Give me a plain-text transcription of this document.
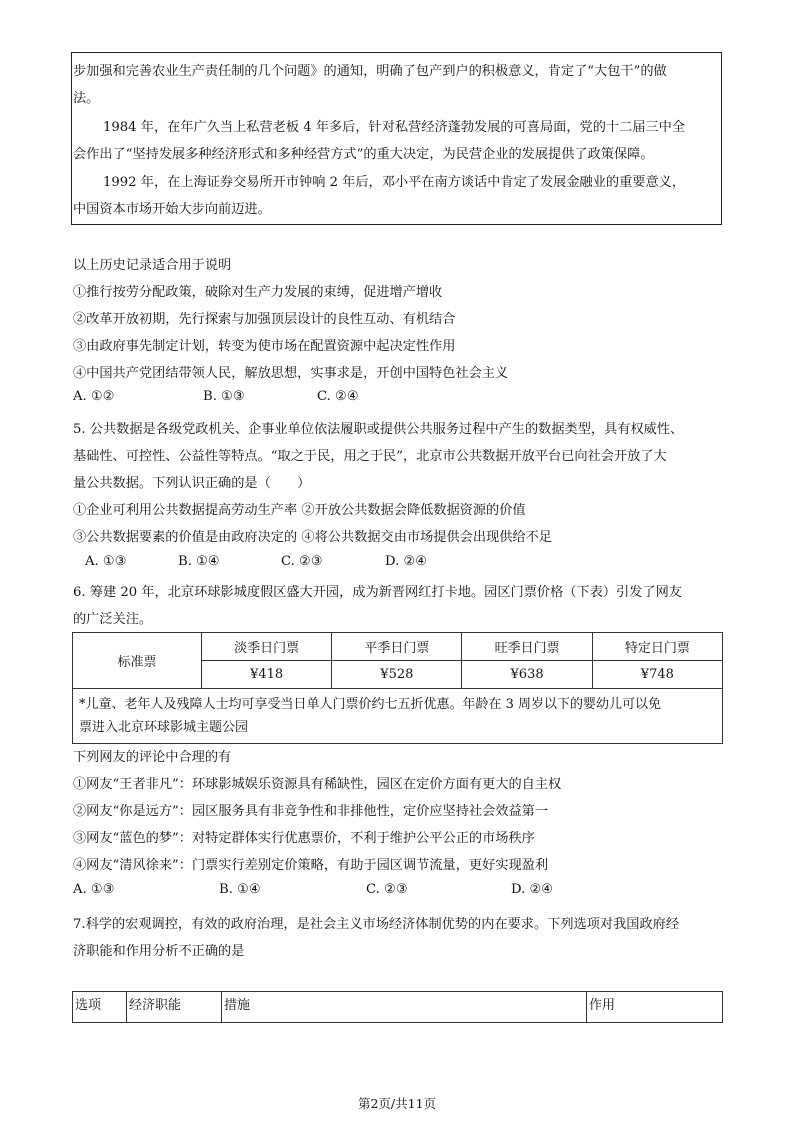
步加强和完善农业生产责任制的几个问题》的通知，明确了包产到户的积极意义，肯定了“大包干”的做
法。
1984 年，在年广久当上私营老板 4 年多后，针对私营经济蓬勃发展的可喜局面，党的十二届三中全
会作出了“坚持发展多种经济形式和多种经营方式”的重大决定，为民营企业的发展提供了政策保障。
1992 年，在上海证券交易所开市钟响 2 年后，邓小平在南方谈话中肯定了发展金融业的重要意义，
中国资本市场开始大步向前迈进。
以上历史记录适合用于说明
①推行按劳分配政策，破除对生产力发展的束缚，促进增产增收
②改革开放初期，先行探索与加强顶层设计的良性互动、有机结合
③由政府事先制定计划，转变为使市场在配置资源中起决定性作用
④中国共产党团结带领人民，解放思想，实事求是，开创中国特色社会主义
A. ①②	B. ①③	C. ②④
5. 公共数据是各级党政机关、企事业单位依法履职或提供公共服务过程中产生的数据类型，具有权威性、
基础性、可控性、公益性等特点。“取之于民，用之于民”，北京市公共数据开放平台已向社会开放了大
量公共数据。下列认识正确的是（　　）
①企业可利用公共数据提高劳动生产率 ②开放公共数据会降低数据资源的价值
③公共数据要素的价值是由政府决定的 ④将公共数据交由市场提供会出现供给不足
A. ①③	B. ①④	C. ②③	D. ②④
6. 筹建 20 年，北京环球影城度假区盛大开园，成为新晋网红打卡地。园区门票价格（下表）引发了网友
的广泛关注。
标准票	淡季日门票	平季日门票	旺季日门票	特定日门票
	¥418	¥528	¥638	¥748

*儿童、老年人及残障人士均可享受当日单人门票价约七五折优惠。年龄在 3 周岁以下的婴幼儿可以免
票进入北京环球影城主题公园				
下列网友的评论中合理的有
①网友“王者非凡”：环球影城娱乐资源具有稀缺性，园区在定价方面有更大的自主权
②网友“你是远方”：园区服务具有非竞争性和非排他性，定价应坚持社会效益第一
③网友“蓝色的梦”：对特定群体实行优惠票价，不利于维护公平公正的市场秩序
④网友“清风徐来”：门票实行差别定价策略，有助于园区调节流量，更好实现盈利
A. ①③	B. ①④	C. ②③	D. ②④
7.科学的宏观调控，有效的政府治理，是社会主义市场经济体制优势的内在要求。下列选项对我国政府经
济职能和作用分析不正确的是
选项	经济职能	措施	作用
第2页/共11页
